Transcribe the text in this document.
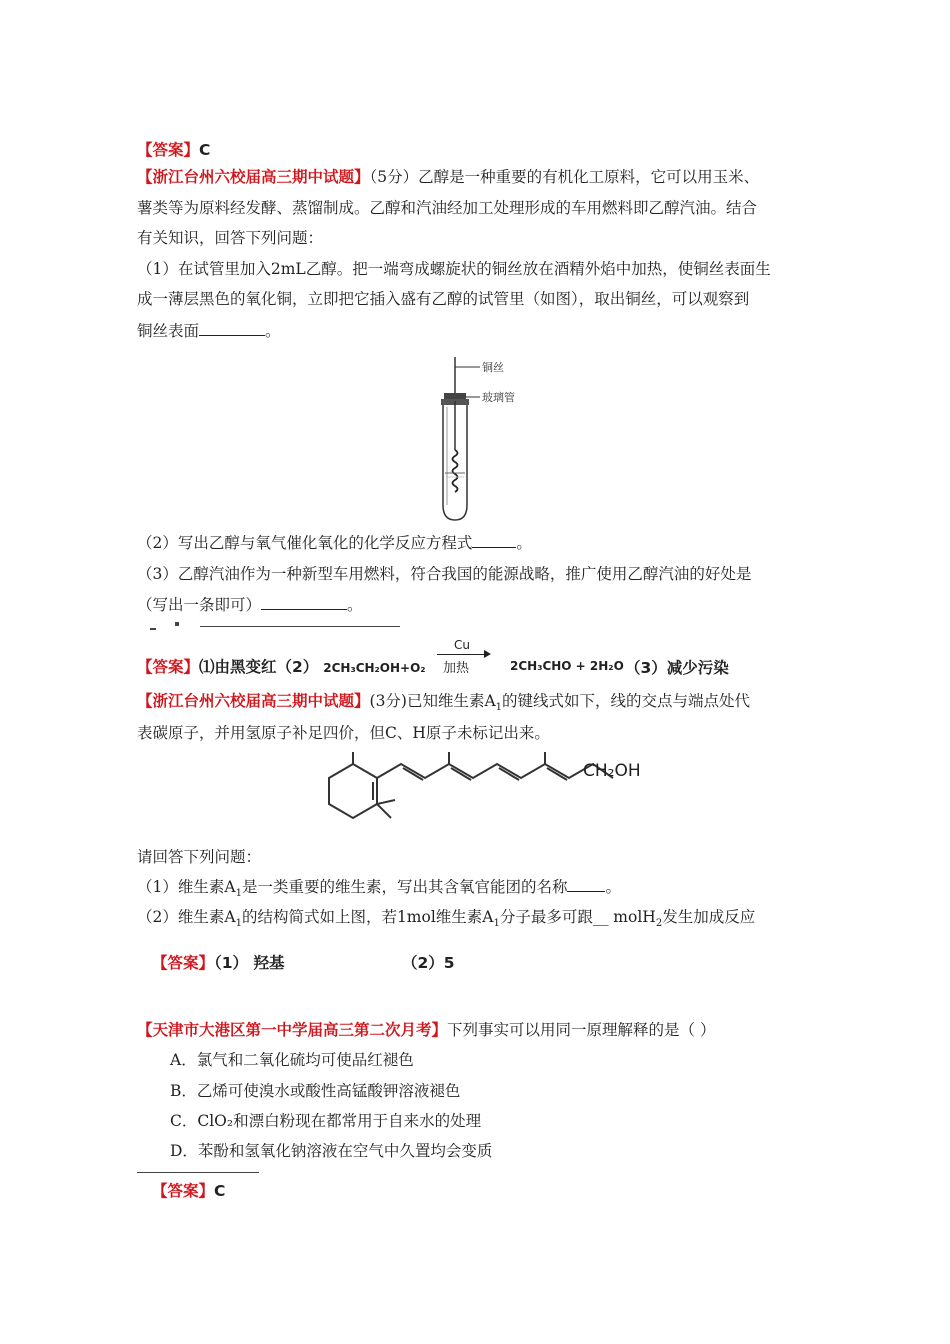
【答案】C
【浙江台州六校届高三期中试题】（5分）乙醇是一种重要的有机化工原料，它可以用玉米、
薯类等为原料经发酵、蒸馏制成。乙醇和汽油经加工处理形成的车用燃料即乙醇汽油。结合
有关知识，回答下列问题：
（1）在试管里加入2mL乙醇。把一端弯成螺旋状的铜丝放在酒精外焰中加热，使铜丝表面生
成一薄层黑色的氧化铜，立即把它插入盛有乙醇的试管里（如图），取出铜丝，可以观察到
铜丝表面	。
铜丝
玻璃管
（2）写出乙醇与氧气催化氧化的化学反应方程式	。
（3）乙醇汽油作为一种新型车用燃料，符合我国的能源战略，推广使用乙醇汽油的好处是
（写出一条即可）	。
【答案】⑴由黑变红（2） 2CH₃CH₂OH+O₂
Cu
加热	2CH₃CHO + 2H₂O （3）减少污染
【浙江台州六校届高三期中试题】(3分)已知维生素$A_1$的键线式如下，线的交点与端点处代
表碳原子，并用氢原子补足四价，但C、H原子未标记出来。
CH₂OH
请回答下列问题：
（1）维生素$A_1$是一类重要的维生素，写出其含氧官能团的名称 。
（2）维生素$A_1$的结构简式如上图，若1mol维生素$A_1$分子最多可跟__ molH$_2$发生加成反应
【答案】（1） 羟基	（2）5
【天津市大港区第一中学届高三第二次月考】下列事实可以用同一原理解释的是（ ）
A．氯气和二氧化硫均可使品红褪色
B．乙烯可使溴水或酸性高锰酸钾溶液褪色
C．ClO₂和漂白粉现在都常用于自来水的处理
D．苯酚和氢氧化钠溶液在空气中久置均会变质
【答案】C
